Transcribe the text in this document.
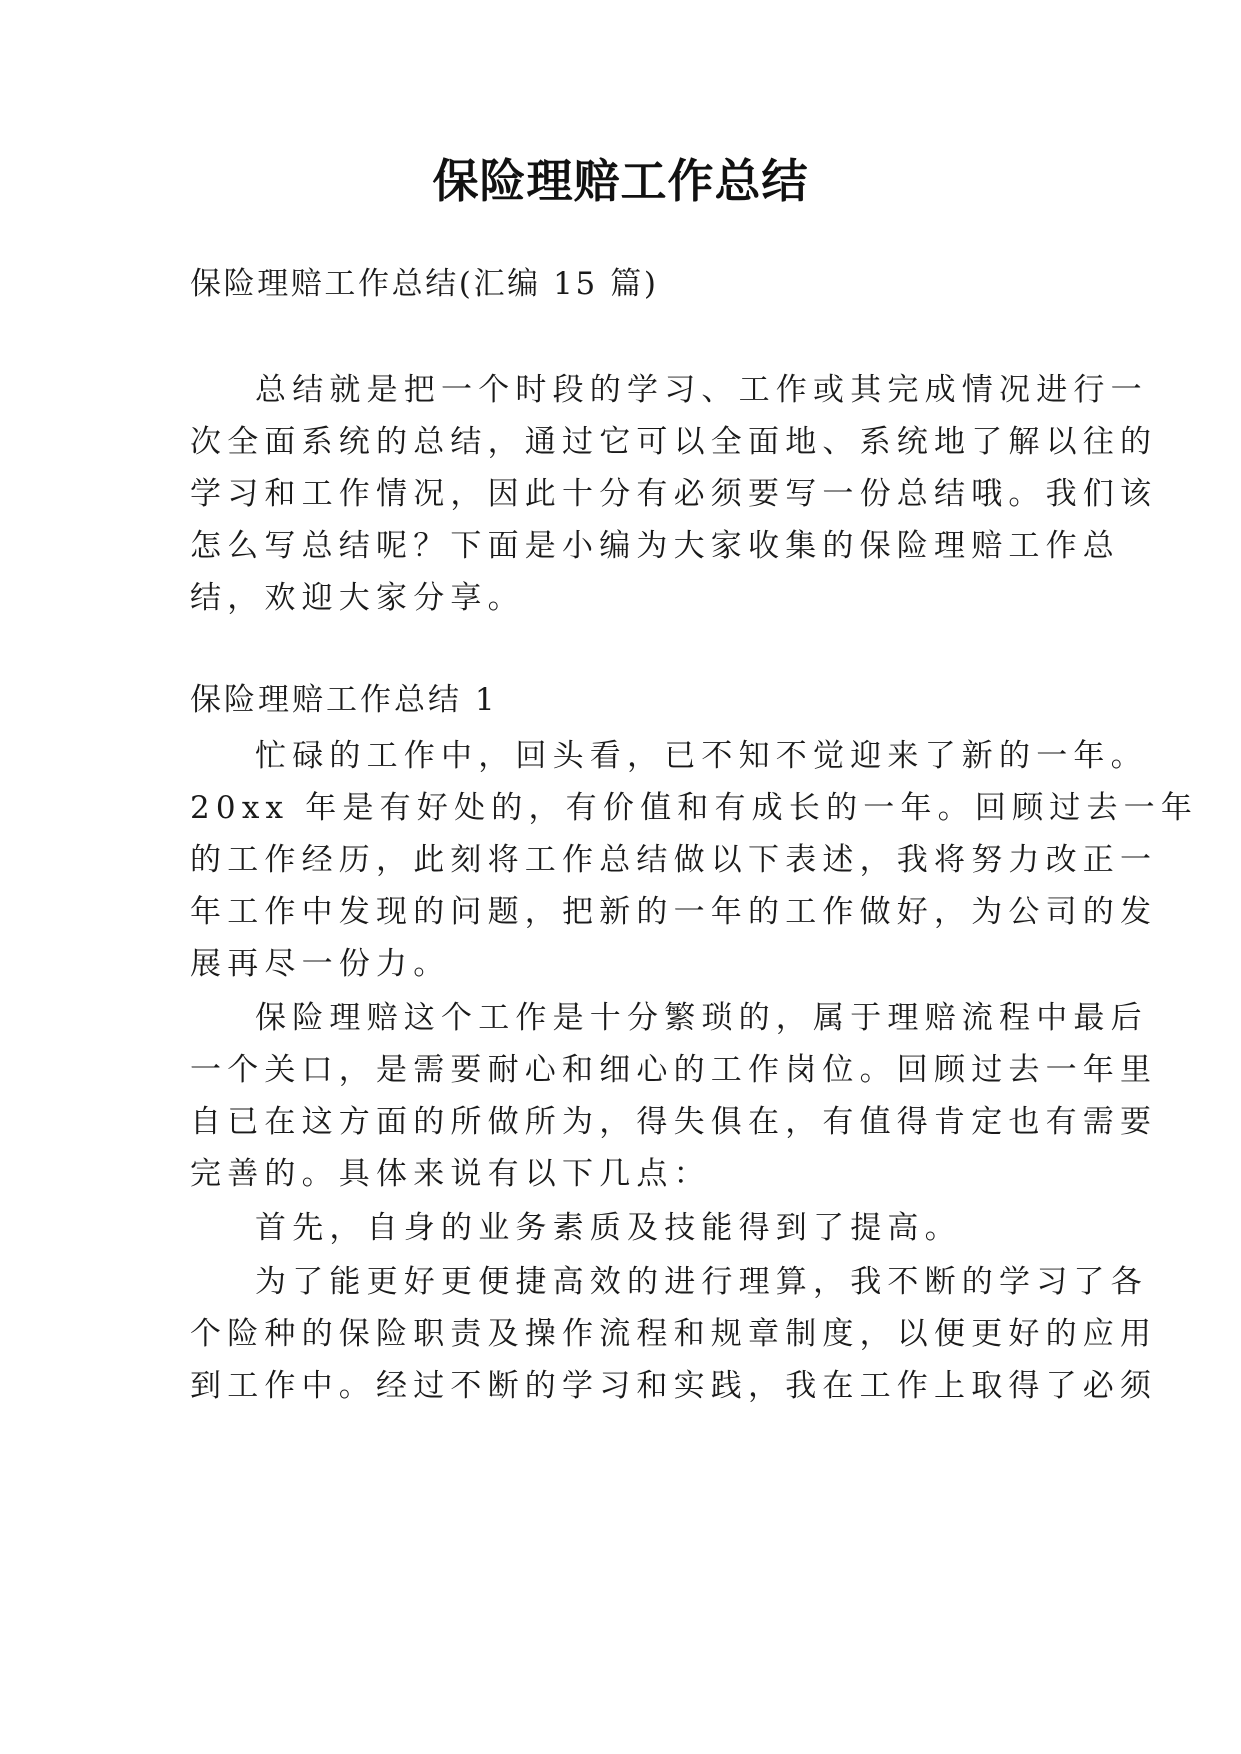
保险理赔工作总结
保险理赔工作总结(汇编 15 篇)
总结就是把一个时段的学习、工作或其完成情况进行一
次全面系统的总结，通过它可以全面地、系统地了解以往的
学习和工作情况，因此十分有必须要写一份总结哦。我们该
怎么写总结呢？下面是小编为大家收集的保险理赔工作总
结，欢迎大家分享。
保险理赔工作总结 1
忙碌的工作中，回头看，已不知不觉迎来了新的一年。
20xx 年是有好处的，有价值和有成长的一年。回顾过去一年
的工作经历，此刻将工作总结做以下表述，我将努力改正一
年工作中发现的问题，把新的一年的工作做好，为公司的发
展再尽一份力。
保险理赔这个工作是十分繁琐的，属于理赔流程中最后
一个关口，是需要耐心和细心的工作岗位。回顾过去一年里
自已在这方面的所做所为，得失俱在，有值得肯定也有需要
完善的。具体来说有以下几点：
首先，自身的业务素质及技能得到了提高。
为了能更好更便捷高效的进行理算，我不断的学习了各
个险种的保险职责及操作流程和规章制度，以便更好的应用
到工作中。经过不断的学习和实践，我在工作上取得了必须
